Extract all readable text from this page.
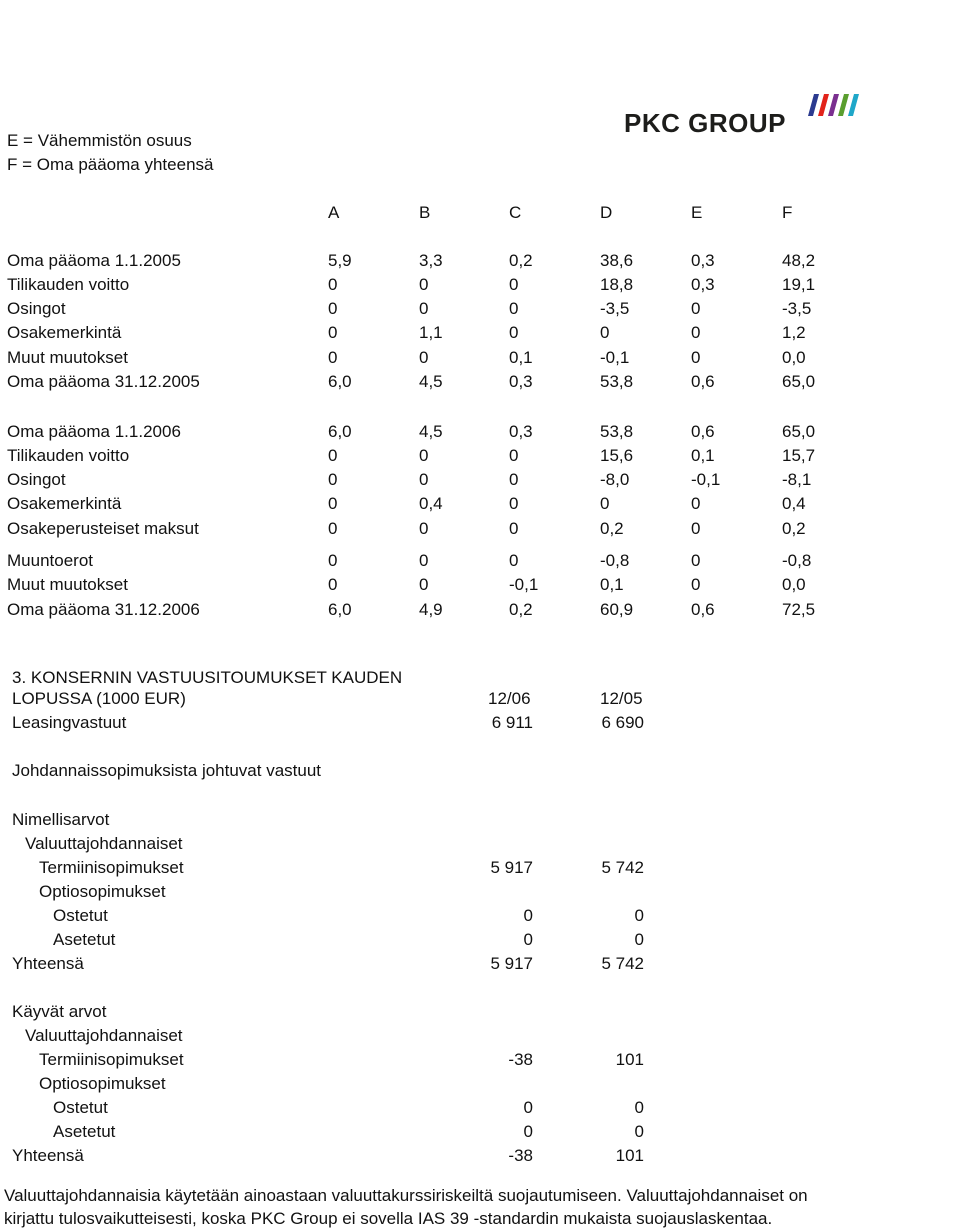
E = Vähemmistön osuus
F = Oma pääoma yhteensä
PKC GROUP
A	B	C	D	E	F
Oma pääoma 1.1.2005	5,9	3,3	0,2	38,6	0,3	48,2
Tilikauden voitto	0	0	0	18,8	0,3	19,1
Osingot	0	0	0	-3,5	0	-3,5
Osakemerkintä	0	1,1	0	0	0	1,2
Muut muutokset	0	0	0,1	-0,1	0	0,0
Oma pääoma 31.12.2005	6,0	4,5	0,3	53,8	0,6	65,0
Oma pääoma 1.1.2006	6,0	4,5	0,3	53,8	0,6	65,0
Tilikauden voitto	0	0	0	15,6	0,1	15,7
Osingot	0	0	0	-8,0	-0,1	-8,1
Osakemerkintä	0	0,4	0	0	0	0,4
Osakeperusteiset maksut	0	0	0	0,2	0	0,2
Muuntoerot	0	0	0	-0,8	0	-0,8
Muut muutokset	0	0	-0,1	0,1	0	0,0
Oma pääoma 31.12.2006	6,0	4,9	0,2	60,9	0,6	72,5
3. KONSERNIN VASTUUSITOUMUKSET KAUDEN
LOPUSSA (1000 EUR)	12/06	12/05
Leasingvastuut	6 911	6 690
Johdannaissopimuksista johtuvat vastuut
Nimellisarvot
Valuuttajohdannaiset
Termiinisopimukset	5 917	5 742
Optiosopimukset
Ostetut	0	0
Asetetut	0	0
Yhteensä	5 917	5 742
Käyvät arvot
Valuuttajohdannaiset
Termiinisopimukset	-38	101
Optiosopimukset
Ostetut	0	0
Asetetut	0	0
Yhteensä	-38	101
Valuuttajohdannaisia käytetään ainoastaan valuuttakurssiriskeiltä suojautumiseen. Valuuttajohdannaiset on
kirjattu tulosvaikutteisesti, koska PKC Group ei sovella IAS 39 -standardin mukaista suojauslaskentaa.
